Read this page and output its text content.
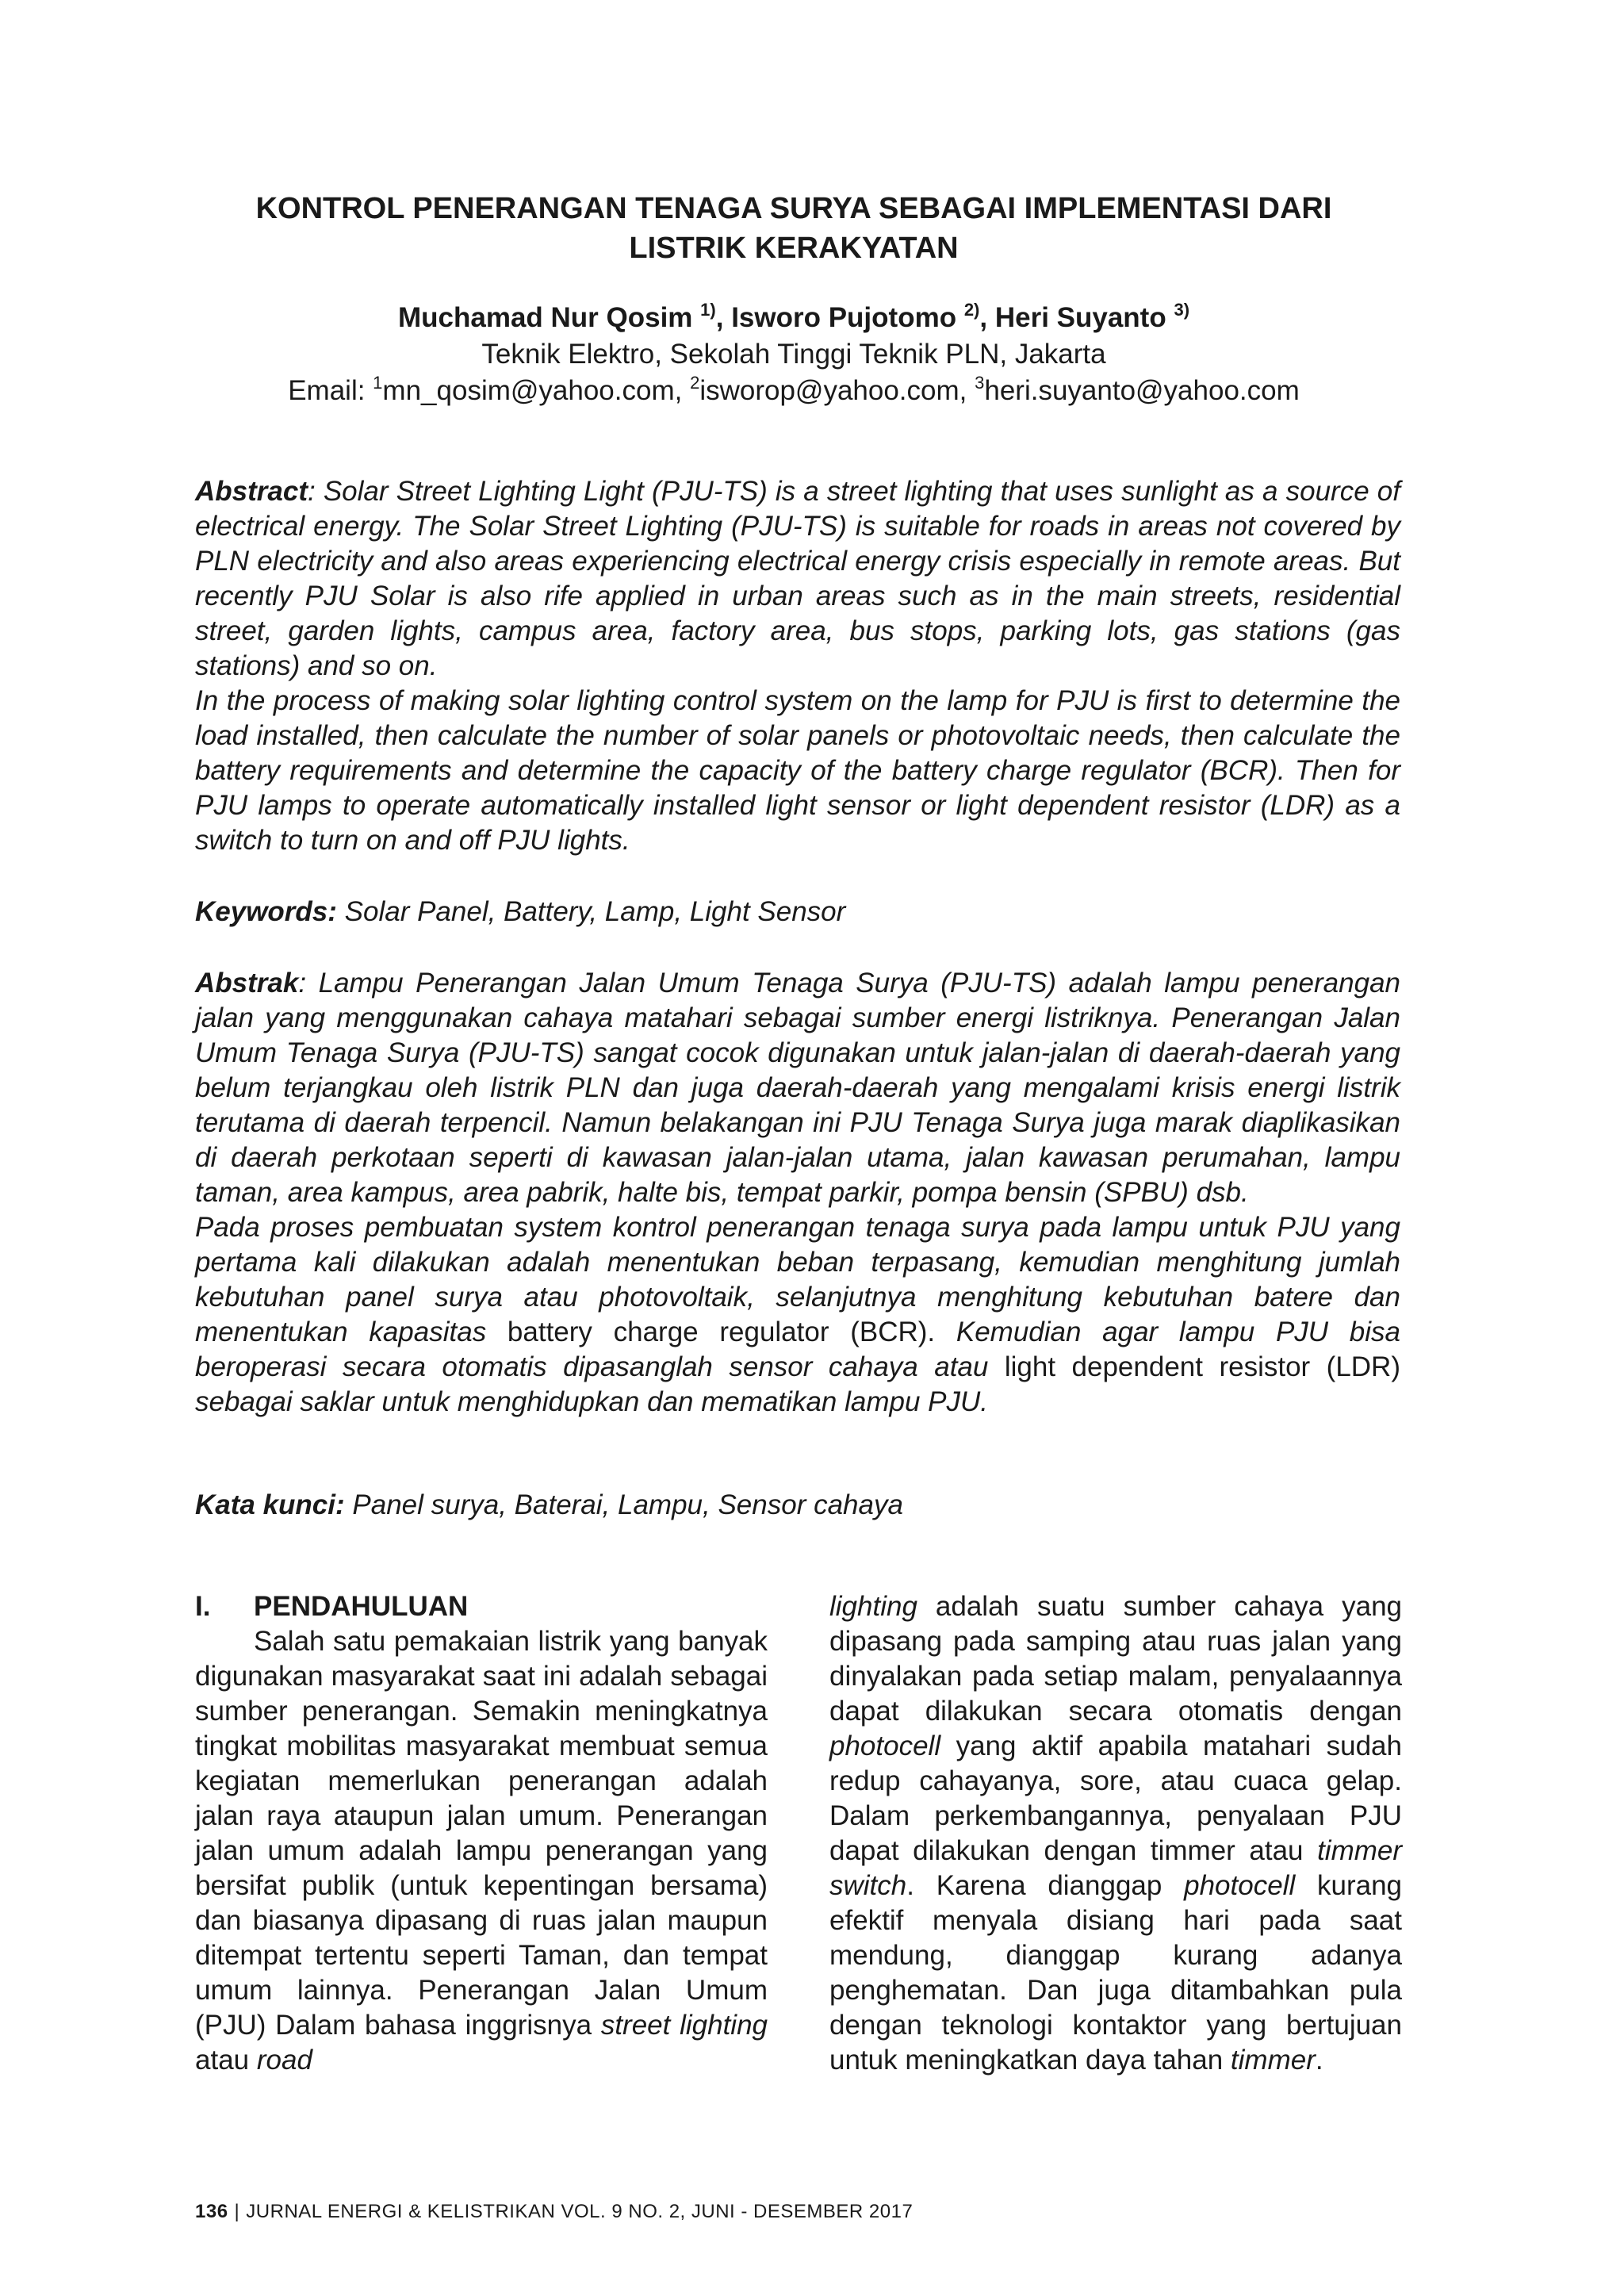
KONTROL PENERANGAN TENAGA SURYA SEBAGAI IMPLEMENTASI DARI
LISTRIK KERAKYATAN
Muchamad Nur Qosim $^{1)}$, Isworo Pujotomo $^{2)}$, Heri Suyanto $^{3)}$
Teknik Elektro, Sekolah Tinggi Teknik PLN, Jakarta
Email: $^1$mn_qosim@yahoo.com, $^2$isworop@yahoo.com, $^3$heri.suyanto@yahoo.com

Abstract: Solar Street Lighting Light (PJU-TS) is a street lighting that uses sunlight as a source of electrical energy. The Solar Street Lighting (PJU-TS) is suitable for roads in areas not covered by PLN electricity and also areas experiencing electrical energy crisis especially in remote areas. But recently PJU Solar is also rife applied in urban areas such as in the main streets, residential street, garden lights, campus area, factory area, bus stops, parking lots, gas stations (gas stations) and so on.

In the process of making solar lighting control system on the lamp for PJU is first to determine the load installed, then calculate the number of solar panels or photovoltaic needs, then calculate the battery requirements and determine the capacity of the battery charge regulator (BCR). Then for PJU lamps to operate automatically installed light sensor or light dependent resistor (LDR) as a switch to turn on and off PJU lights.

Keywords: Solar Panel, Battery, Lamp, Light Sensor

Abstrak: Lampu Penerangan Jalan Umum Tenaga Surya (PJU-TS) adalah lampu penerangan jalan yang menggunakan cahaya matahari sebagai sumber energi listriknya. Penerangan Jalan Umum Tenaga Surya (PJU-TS) sangat cocok digunakan untuk jalan-jalan di daerah-daerah yang belum terjangkau oleh listrik PLN dan juga daerah-daerah yang mengalami krisis energi listrik terutama di daerah terpencil. Namun belakangan ini PJU Tenaga Surya juga marak diaplikasikan di daerah perkotaan seperti di kawasan jalan-jalan utama, jalan kawasan perumahan, lampu taman, area kampus, area pabrik, halte bis, tempat parkir, pompa bensin (SPBU) dsb.

Pada proses pembuatan system kontrol penerangan tenaga surya pada lampu untuk PJU yang pertama kali dilakukan adalah menentukan beban terpasang, kemudian menghitung jumlah kebutuhan panel surya atau photovoltaik, selanjutnya menghitung kebutuhan batere dan menentukan kapasitas battery charge regulator (BCR). Kemudian agar lampu PJU bisa beroperasi secara otomatis dipasanglah sensor cahaya atau light dependent resistor (LDR) sebagai saklar untuk menghidupkan dan mematikan lampu PJU.

Kata kunci: Panel surya, Baterai, Lampu, Sensor cahaya

I. PENDAHULUAN

Salah satu pemakaian listrik yang banyak digunakan masyarakat saat ini adalah sebagai sumber penerangan. Semakin meningkatnya tingkat mobilitas masyarakat membuat semua kegiatan memerlukan penerangan adalah jalan raya ataupun jalan umum. Penerangan jalan umum adalah lampu penerangan yang bersifat publik (untuk kepentingan bersama) dan biasanya dipasang di ruas jalan maupun ditempat tertentu seperti Taman, dan tempat umum lainnya. Penerangan Jalan Umum (PJU) Dalam bahasa inggrisnya street lighting atau road

lighting adalah suatu sumber cahaya yang dipasang pada samping atau ruas jalan yang dinyalakan pada setiap malam, penyalaannya dapat dilakukan secara otomatis dengan photocell yang aktif apabila matahari sudah redup cahayanya, sore, atau cuaca gelap. Dalam perkembangannya, penyalaan PJU dapat dilakukan dengan timmer atau timmer switch. Karena dianggap photocell kurang efektif menyala disiang hari pada saat mendung, dianggap kurang adanya penghematan. Dan juga ditambahkan pula dengan teknologi kontaktor yang bertujuan untuk meningkatkan daya tahan timmer.

136 | JURNAL ENERGI & KELISTRIKAN VOL. 9 NO. 2, JUNI - DESEMBER 2017
